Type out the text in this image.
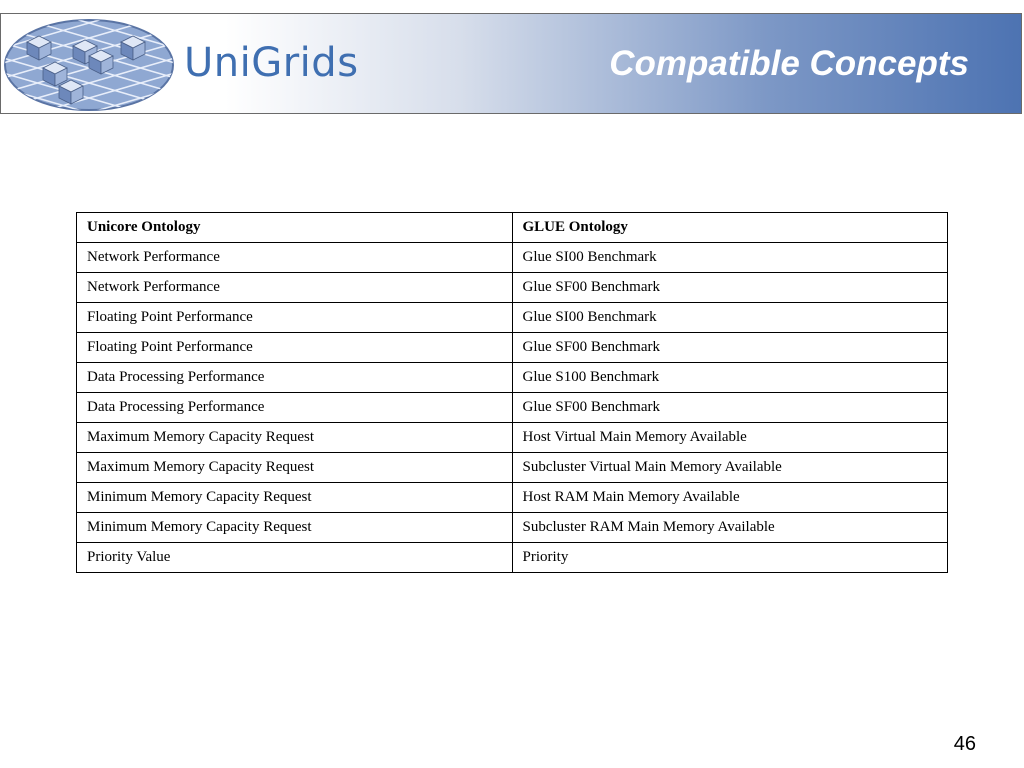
UniGrids	Compatible Concepts
Unicore Ontology	GLUE Ontology
Network Performance	Glue SI00 Benchmark
Network Performance	Glue SF00 Benchmark
Floating Point Performance	Glue SI00 Benchmark
Floating Point Performance	Glue SF00 Benchmark
Data Processing Performance	Glue S100 Benchmark
Data Processing Performance	Glue SF00 Benchmark
Maximum Memory Capacity Request	Host Virtual Main Memory Available
Maximum Memory Capacity Request	Subcluster Virtual Main Memory Available
Minimum Memory Capacity Request	Host RAM Main Memory Available
Minimum Memory Capacity Request	Subcluster RAM Main Memory Available
Priority Value	Priority
46
